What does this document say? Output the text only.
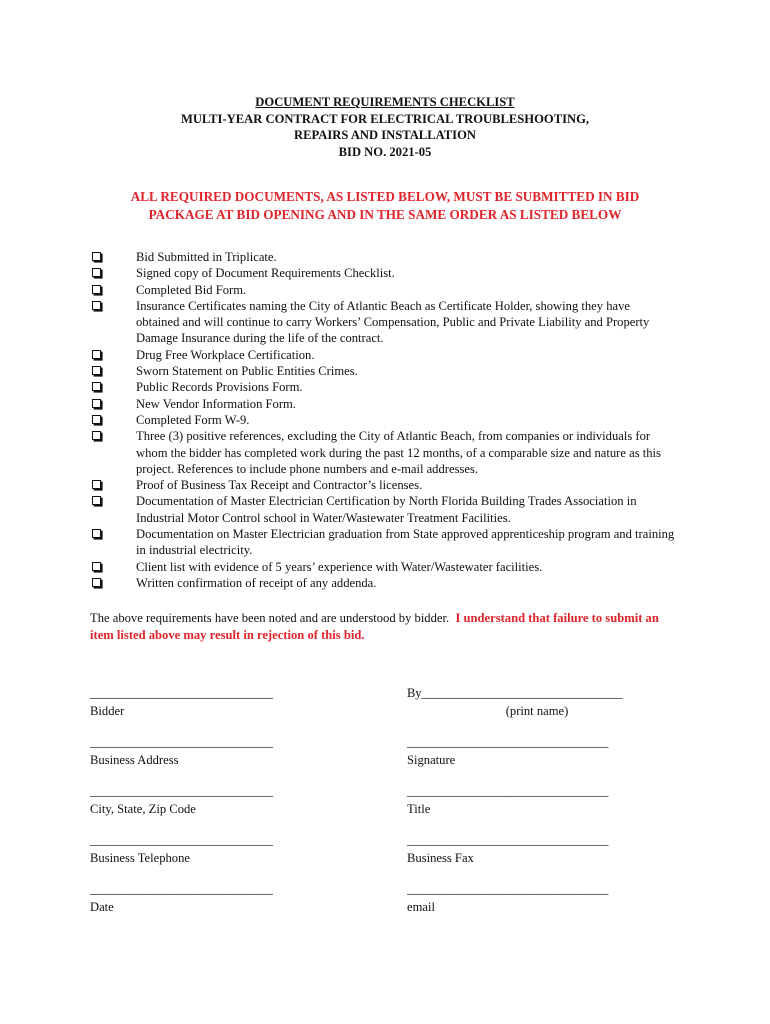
DOCUMENT REQUIREMENTS CHECKLIST
MULTI-YEAR CONTRACT FOR ELECTRICAL TROUBLESHOOTING,
REPAIRS AND INSTALLATION
BID NO. 2021-05
ALL REQUIRED DOCUMENTS, AS LISTED BELOW, MUST BE SUBMITTED IN BID
PACKAGE AT BID OPENING AND IN THE SAME ORDER AS LISTED BELOW
Bid Submitted in Triplicate.
Signed copy of Document Requirements Checklist.
Completed Bid Form.
Insurance Certificates naming the City of Atlantic Beach as Certificate Holder, showing they have obtained and will continue to carry Workers’ Compensation, Public and Private Liability and Property Damage Insurance during the life of the contract.
Drug Free Workplace Certification.
Sworn Statement on Public Entities Crimes.
Public Records Provisions Form.
New Vendor Information Form.
Completed Form W-9.
Three (3) positive references, excluding the City of Atlantic Beach, from companies or individuals for whom the bidder has completed work during the past 12 months, of a comparable size and nature as this project. References to include phone numbers and e-mail addresses.
Proof of Business Tax Receipt and Contractor’s licenses.
Documentation of Master Electrician Certification by North Florida Building Trades Association in Industrial Motor Control school in Water/Wastewater Treatment Facilities.
Documentation on Master Electrician graduation from State approved apprenticeship program and training in industrial electricity.
Client list with evidence of 5 years’ experience with Water/Wastewater facilities.
Written confirmation of receipt of any addenda.
The above requirements have been noted and are understood by bidder. I understand that failure to submit an item listed above may result in rejection of this bid.
______________________________
Bidder
______________________________
Business Address
______________________________
City, State, Zip Code
______________________________
Business Telephone
______________________________
Date
By_________________________________
(print name)
_________________________________
Signature
_________________________________
Title
_________________________________
Business Fax
_________________________________
email
